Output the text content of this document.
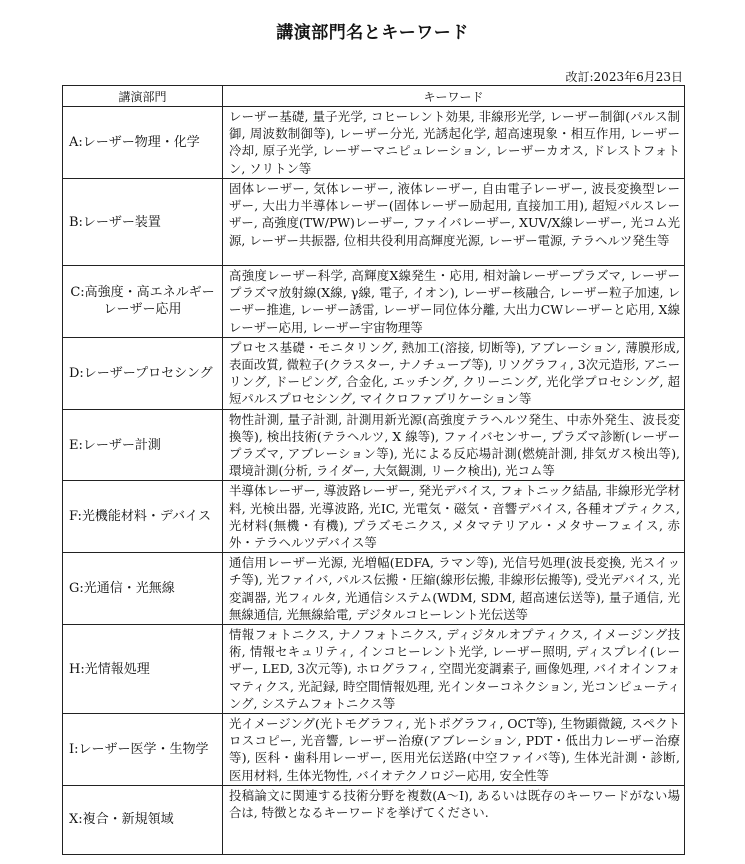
講演部門名とキーワード
改訂:2023年6月23日
講演部門	キーワード
A:レーザー物理・化学	レーザー基礎, 量子光学, コヒーレント効果, 非線形光学, レーザー制御(パルス制御, 周波数制御等), レーザー分光, 光誘起化学, 超高速現象・相互作用, レーザー冷却, 原子光学, レーザーマニピュレーション, レーザーカオス, ドレストフォトン, ソリトン等
B:レーザー装置	固体レーザー, 気体レーザー, 液体レーザー, 自由電子レーザー, 波長変換型レーザー, 大出力半導体レーザー(固体レーザー励起用, 直接加工用), 超短パルスレーザー, 高強度(TW/PW)レーザー, ファイバレーザー, XUV/X線レーザー, 光コム光源, レーザー共振器, 位相共役利用高輝度光源, レーザー電源, テラヘルツ発生等
C:高強度・高エネルギーレーザー応用	高強度レーザー科学, 高輝度X線発生・応用, 相対論レーザープラズマ, レーザープラズマ放射線(X線, γ線, 電子, イオン), レーザー核融合, レーザー粒子加速, レーザー推進, レーザー誘雷, レーザー同位体分離, 大出力CWレーザーと応用, X線レーザー応用, レーザー宇宙物理等
D:レーザープロセシング	プロセス基礎・モニタリング, 熱加工(溶接, 切断等), アブレーション, 薄膜形成, 表面改質, 微粒子(クラスター, ナノチューブ等), リソグラフィ, 3次元造形, アニーリング, ドーピング, 合金化, エッチング, クリーニング, 光化学プロセシング, 超短パルスプロセシング, マイクロファブリケーション等
E:レーザー計測	物性計測, 量子計測, 計測用新光源(高強度テラヘルツ発生、中赤外発生、波長変換等), 検出技術(テラヘルツ, X 線等), ファイバセンサー, プラズマ診断(レーザープラズマ, アブレーション等), 光による反応場計測(燃焼計測, 排気ガス検出等), 環境計測(分析, ライダー, 大気観測, リーク検出), 光コム等
F:光機能材料・デバイス	半導体レーザー, 導波路レーザー, 発光デバイス, フォトニック結晶, 非線形光学材料, 光検出器, 光導波路, 光IC, 光電気・磁気・音響デバイス, 各種オプティクス, 光材料(無機・有機), プラズモニクス, メタマテリアル・メタサーフェイス, 赤外・テラヘルツデバイス等
G:光通信・光無線	通信用レーザー光源, 光増幅(EDFA, ラマン等), 光信号処理(波長変換, 光スイッチ等), 光ファイバ, パルス伝搬・圧縮(線形伝搬, 非線形伝搬等), 受光デバイス, 光変調器, 光フィルタ, 光通信システム(WDM, SDM, 超高速伝送等), 量子通信, 光無線通信, 光無線給電, デジタルコヒーレント光伝送等
H:光情報処理	情報フォトニクス, ナノフォトニクス, ディジタルオプティクス, イメージング技術, 情報セキュリティ, インコヒーレント光学, レーザー照明, ディスプレイ(レーザー, LED, 3次元等), ホログラフィ, 空間光変調素子, 画像処理, バイオインフォマティクス, 光記録, 時空間情報処理, 光インターコネクション, 光コンピューティング, システムフォトニクス等
I:レーザー医学・生物学	光イメージング(光トモグラフィ, 光トポグラフィ, OCT等), 生物顕微鏡, スペクトロスコピー, 光音響, レーザー治療(アブレーション, PDT・低出力レーザー治療等), 医科・歯科用レーザー, 医用光伝送路(中空ファイバ等), 生体光計測・診断, 医用材料, 生体光物性, バイオテクノロジー応用, 安全性等
X:複合・新規領域	投稿論文に関連する技術分野を複数(A〜I), あるいは既存のキーワードがない場合は, 特徴となるキーワードを挙げてください.
